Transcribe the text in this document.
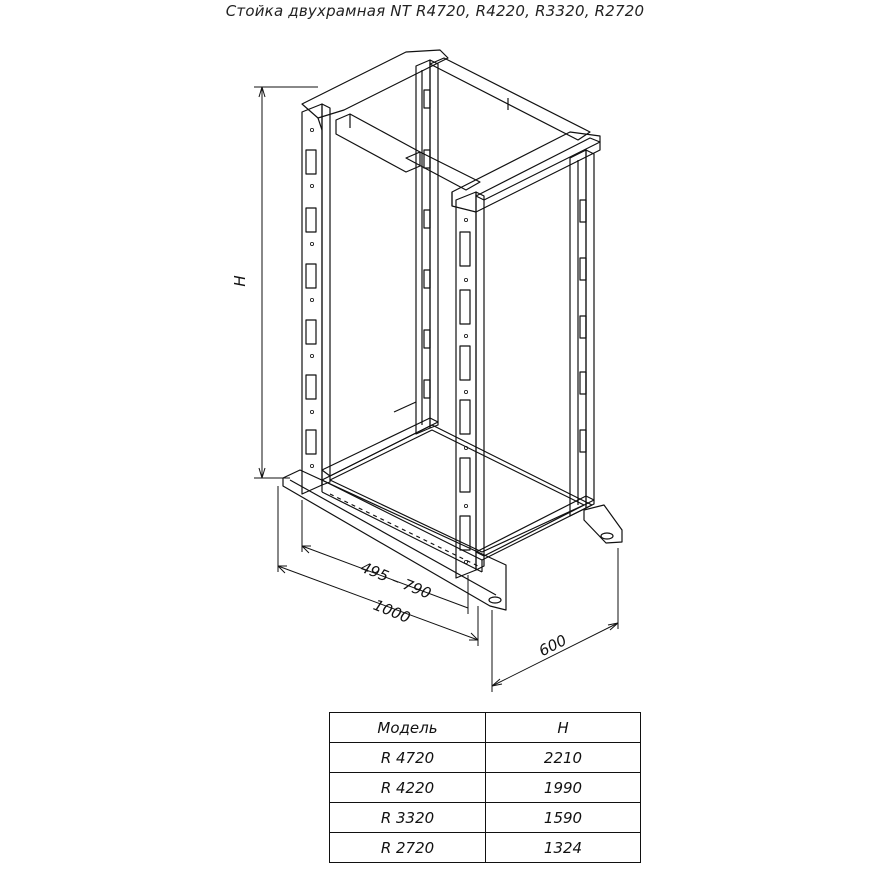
Стойка двухрамная NT R4720, R4220, R3320, R2720
H
495 – 790
1000
600
Модель	H
R 4720	2210
R 4220	1990
R 3320	1590
R 2720	1324
